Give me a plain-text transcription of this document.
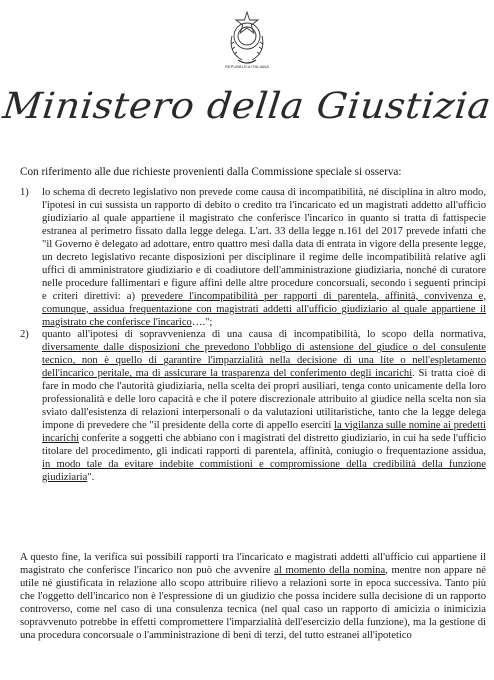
REPUBBLICA ITALIANA
Ministero della Giustizia
Con riferimento alle due richieste provenienti dalla Commissione speciale si osserva:
1) lo schema di decreto legislativo non prevede come causa di incompatibilità, né disciplina in altro modo, l'ipotesi in cui sussista un rapporto di debito o credito tra l'incaricato ed un magistrati addetto all'ufficio giudiziario al quale appartiene il magistrato che conferisce l'incarico in quanto si tratta di fattispecie estranea al perimetro fissato dalla legge delega. L'art. 33 della legge n.161 del 2017 prevede infatti che "il Governo è delegato ad adottare, entro quattro mesi dalla data di entrata in vigore della presente legge, un decreto legislativo recante disposizioni per disciplinare il regime delle incompatibilità relative agli uffici di amministratore giudiziario e di coadiutore dell'amministrazione giudiziaria, nonché di curatore nelle procedure fallimentari e figure affini delle altre procedure concorsuali, secondo i seguenti principi e criteri direttivi: a) prevedere l'incompatibilità per rapporti di parentela, affinità, convivenza e, comunque, assidua frequentazione con magistrati addetti all'ufficio giudiziario al quale appartiene il magistrato che conferisce l'incarico….";
2) quanto all'ipotesi di sopravvenienza di una causa di incompatibilità, lo scopo della normativa, diversamente dalle disposizioni che prevedono l'obbligo di astensione del giudice o del consulente tecnico, non è quello di garantire l'imparzialità nella decisione di una lite o nell'espletamento dell'incarico peritale, ma di assicurare la trasparenza del conferimento degli incarichi. Si tratta cioè di fare in modo che l'autorità giudiziaria, nella scelta dei propri ausiliari, tenga conto unicamente della loro professionalità e delle loro capacità e che il potere discrezionale attribuito al giudice nella scelta non sia sviato dall'esistenza di relazioni interpersonali o da valutazioni utilitaristiche, tanto che la legge delega impone di prevedere che "il presidente della corte di appello eserciti la vigilanza sulle nomine ai predetti incarichi conferite a soggetti che abbiano con i magistrati del distretto giudiziario, in cui ha sede l'ufficio titolare del procedimento, gli indicati rapporti di parentela, affinità, coniugio o frequentazione assidua, in modo tale da evitare indebite commistioni e compromissione della credibilità della funzione giudiziaria".
A questo fine, la verifica sui possibili rapporti tra l'incaricato e magistrati addetti all'ufficio cui appartiene il magistrato che conferisce l'incarico non può che avvenire al momento della nomina, mentre non appare né utile né giustificata in relazione allo scopo attribuire rilievo a relazioni sorte in epoca successiva. Tanto più che l'oggetto dell'incarico non è l'espressione di un giudizio che possa incidere sulla decisione di un rapporto controverso, come nel caso di una consulenza tecnica (nel qual caso un rapporto di amicizia o inimicizia sopravvenuto potrebbe in effetti compromettere l'imparzialità dell'esercizio della funzione), ma la gestione di una procedura concorsuale o l'amministrazione di beni di terzi, del tutto estranei all'ipotetico
